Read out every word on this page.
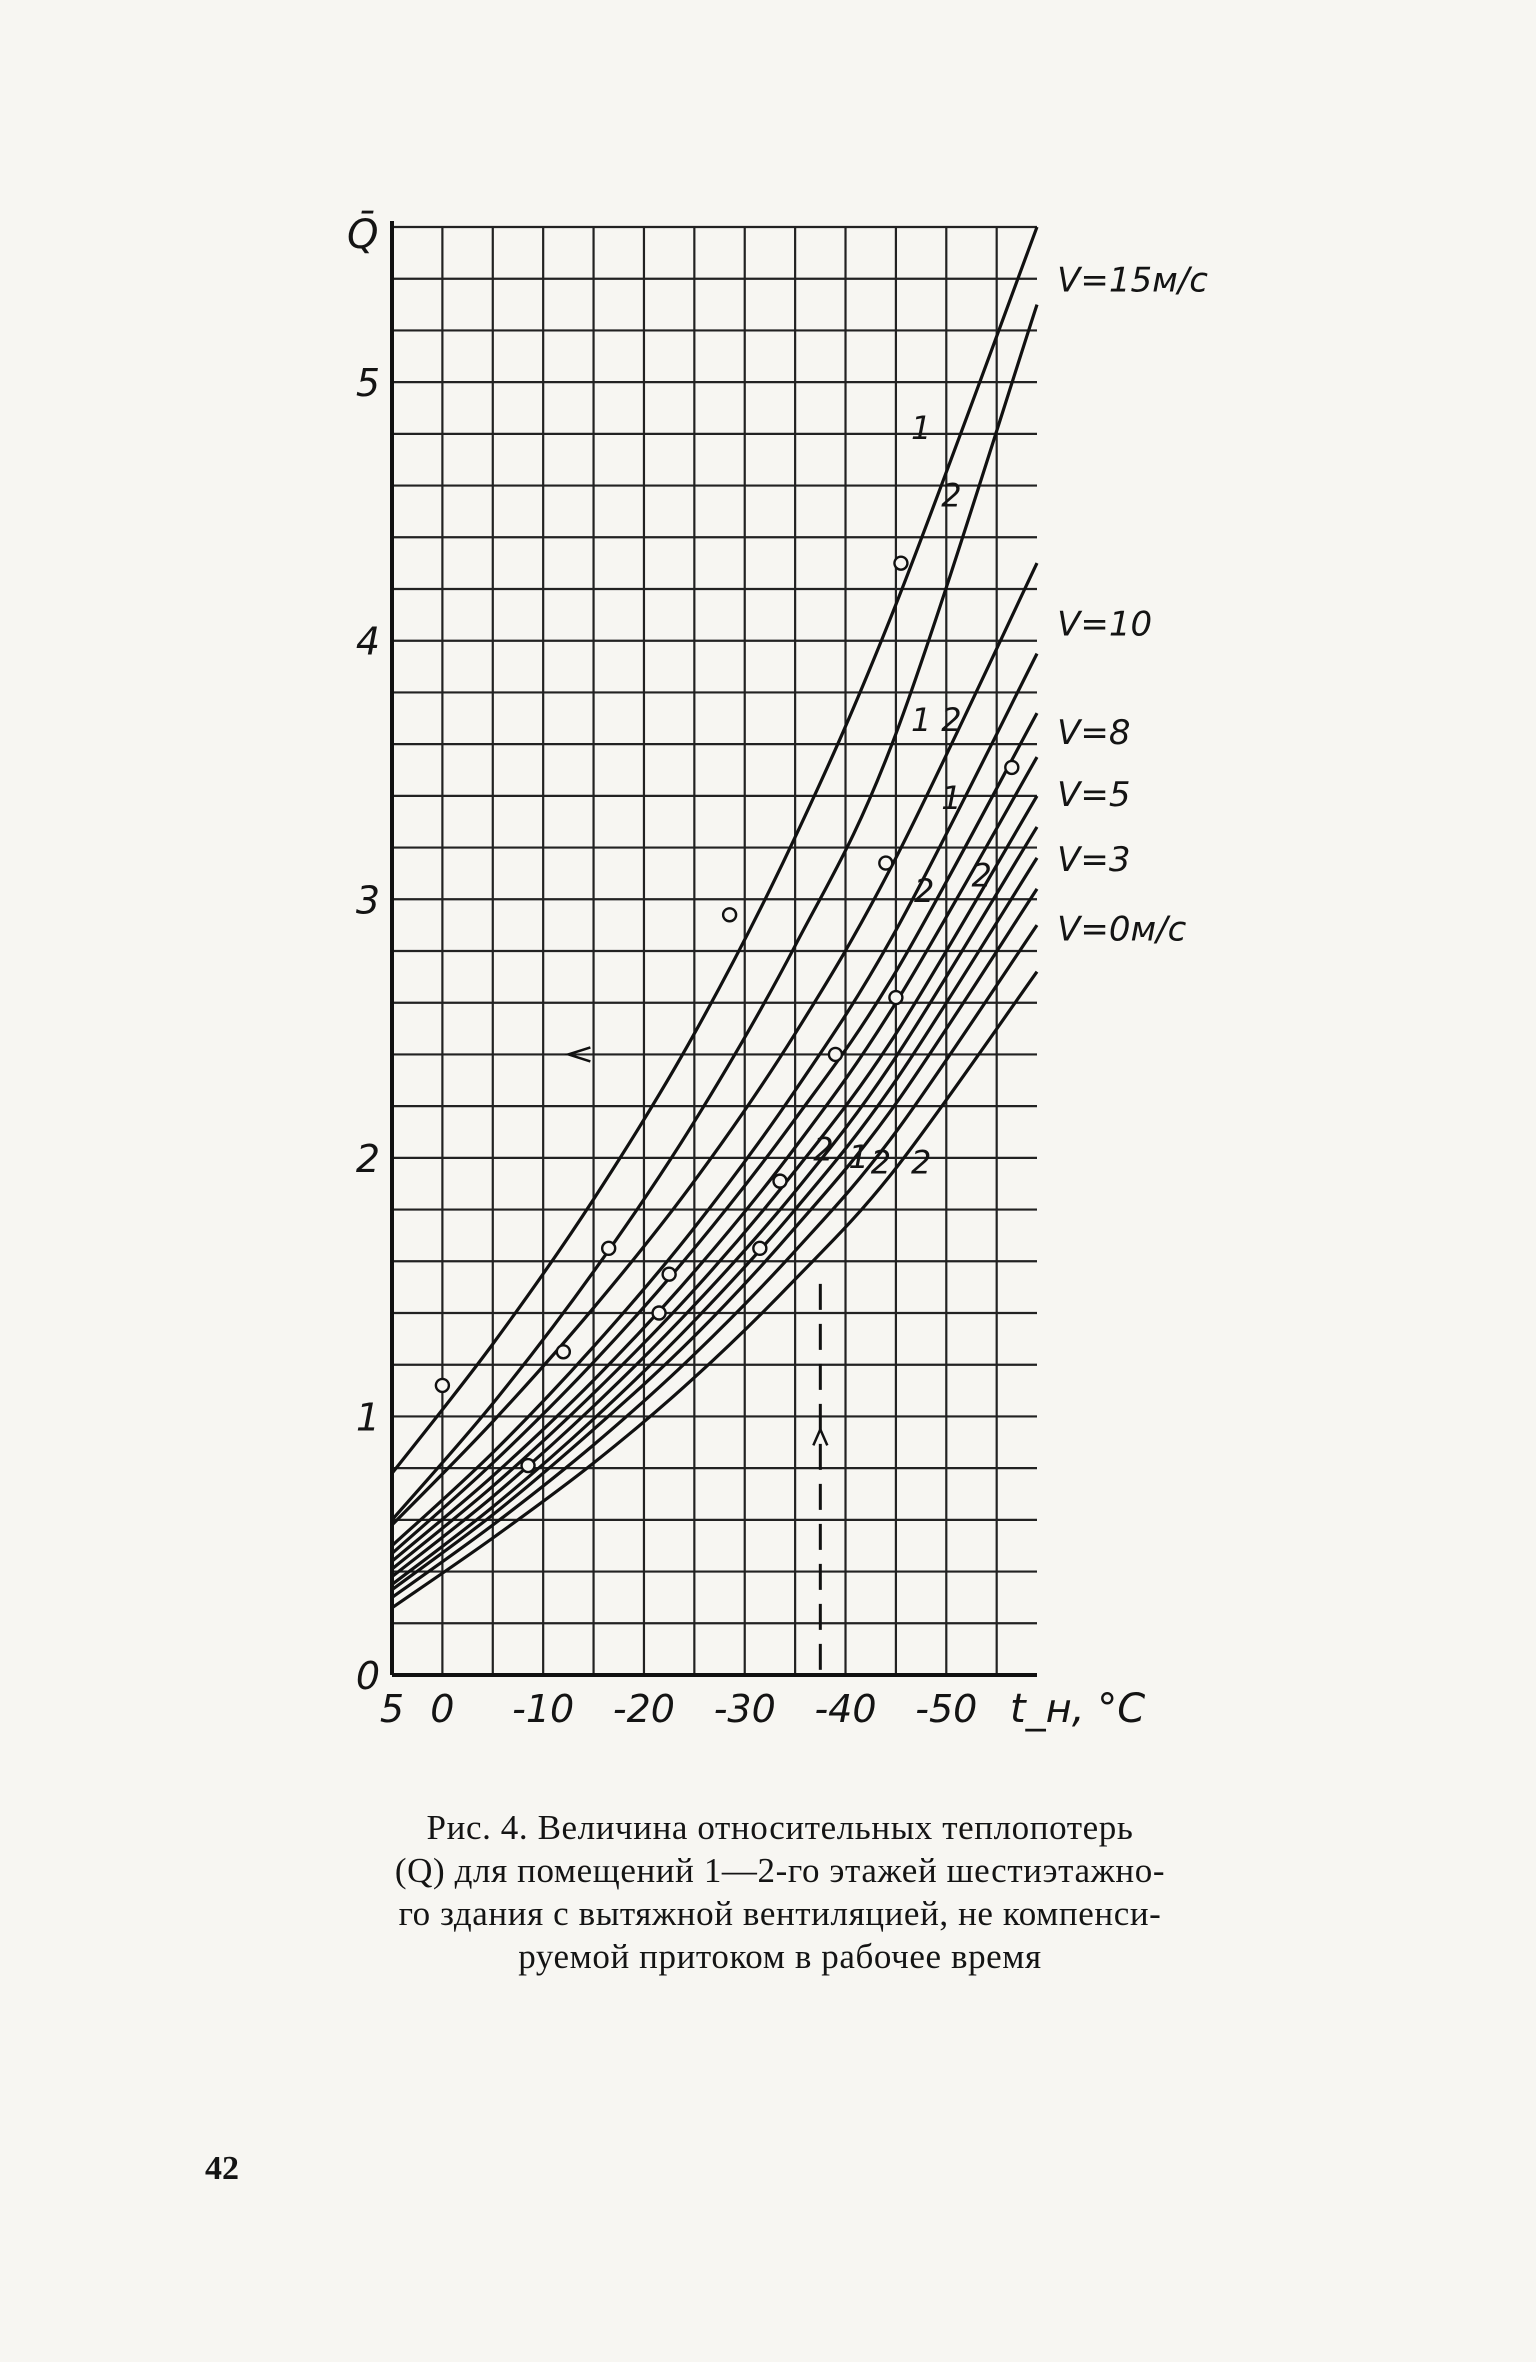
5 0 -10 -20 -30 -40 -50
0
1
2
3
4
5
V=15м/с
V=10
V=8
V=5
V=3
V=0м/с
1
2
1 2
1
2
2
2 1 2 2
Q̄
t_н, °C
Рис. 4. Величина относительных теплопотерь
(Q) для помещений 1—2-го этажей шестиэтажно-
го здания с вытяжной вентиляцией, не компенси-
руемой притоком в рабочее время
42
